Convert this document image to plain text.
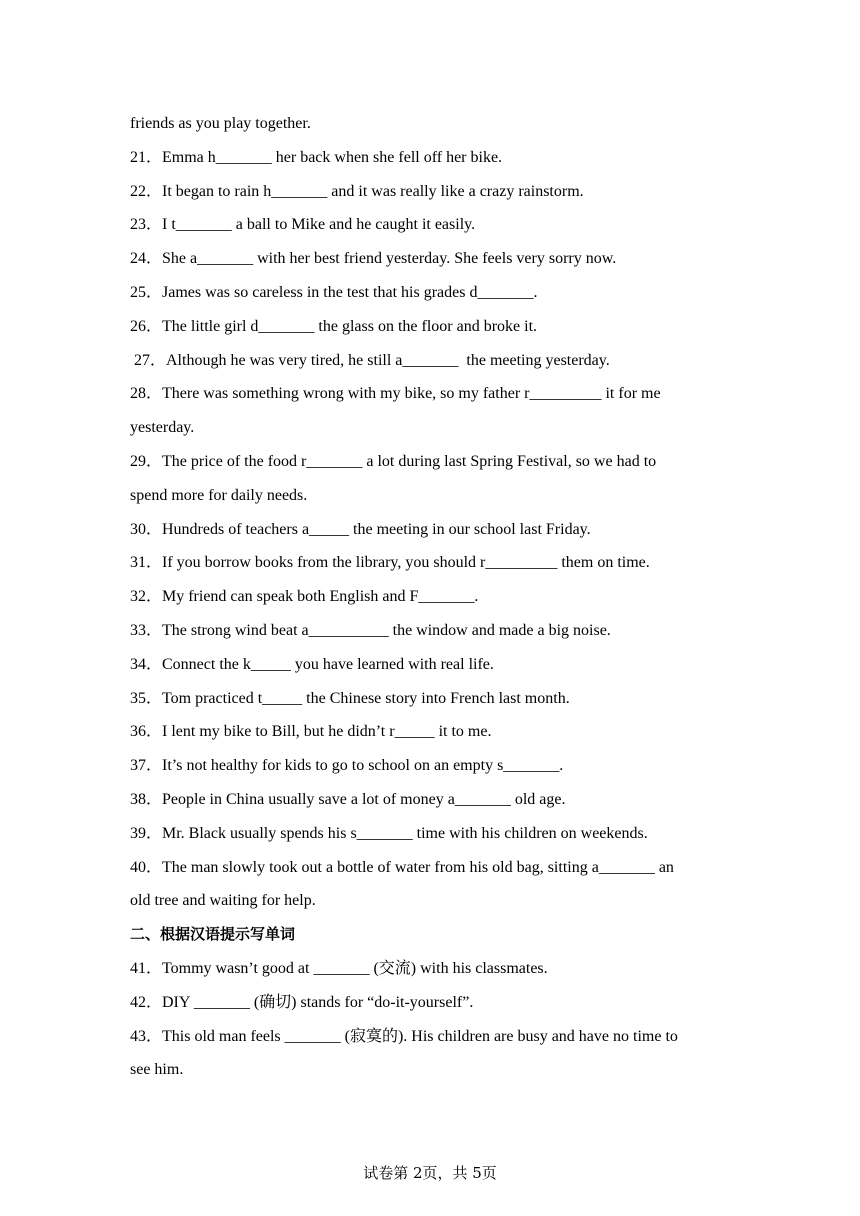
friends as you play together.
21．Emma h_______ her back when she fell off her bike.
22．It began to rain h_______ and it was really like a crazy rainstorm.
23．I t_______ a ball to Mike and he caught it easily.
24．She a_______ with her best friend yesterday. She feels very sorry now.
25．James was so careless in the test that his grades d_______.
26．The little girl d_______ the glass on the floor and broke it.
27．Although he was very tired, he still a_______  the meeting yesterday.
28．There was something wrong with my bike, so my father r_________ it for me
yesterday.
29．The price of the food r_______ a lot during last Spring Festival, so we had to
spend more for daily needs.
30．Hundreds of teachers a_____ the meeting in our school last Friday.
31．If you borrow books from the library, you should r_________ them on time.
32．My friend can speak both English and F_______.
33．The strong wind beat a__________ the window and made a big noise.
34．Connect the k_____ you have learned with real life.
35．Tom practiced t_____ the Chinese story into French last month.
36．I lent my bike to Bill, but he didn’t r_____ it to me.
37．It’s not healthy for kids to go to school on an empty s_______.
38．People in China usually save a lot of money a_______ old age.
39．Mr. Black usually spends his s_______ time with his children on weekends.
40．The man slowly took out a bottle of water from his old bag, sitting a_______ an
old tree and waiting for help.
二、根据汉语提示写单词
41．Tommy wasn’t good at _______ (交流) with his classmates.
42．DIY _______ (确切) stands for “do-it-yourself”.
43．This old man feels _______ (寂寞的). His children are busy and have no time to
see him.
试卷第 2页，共 5页
